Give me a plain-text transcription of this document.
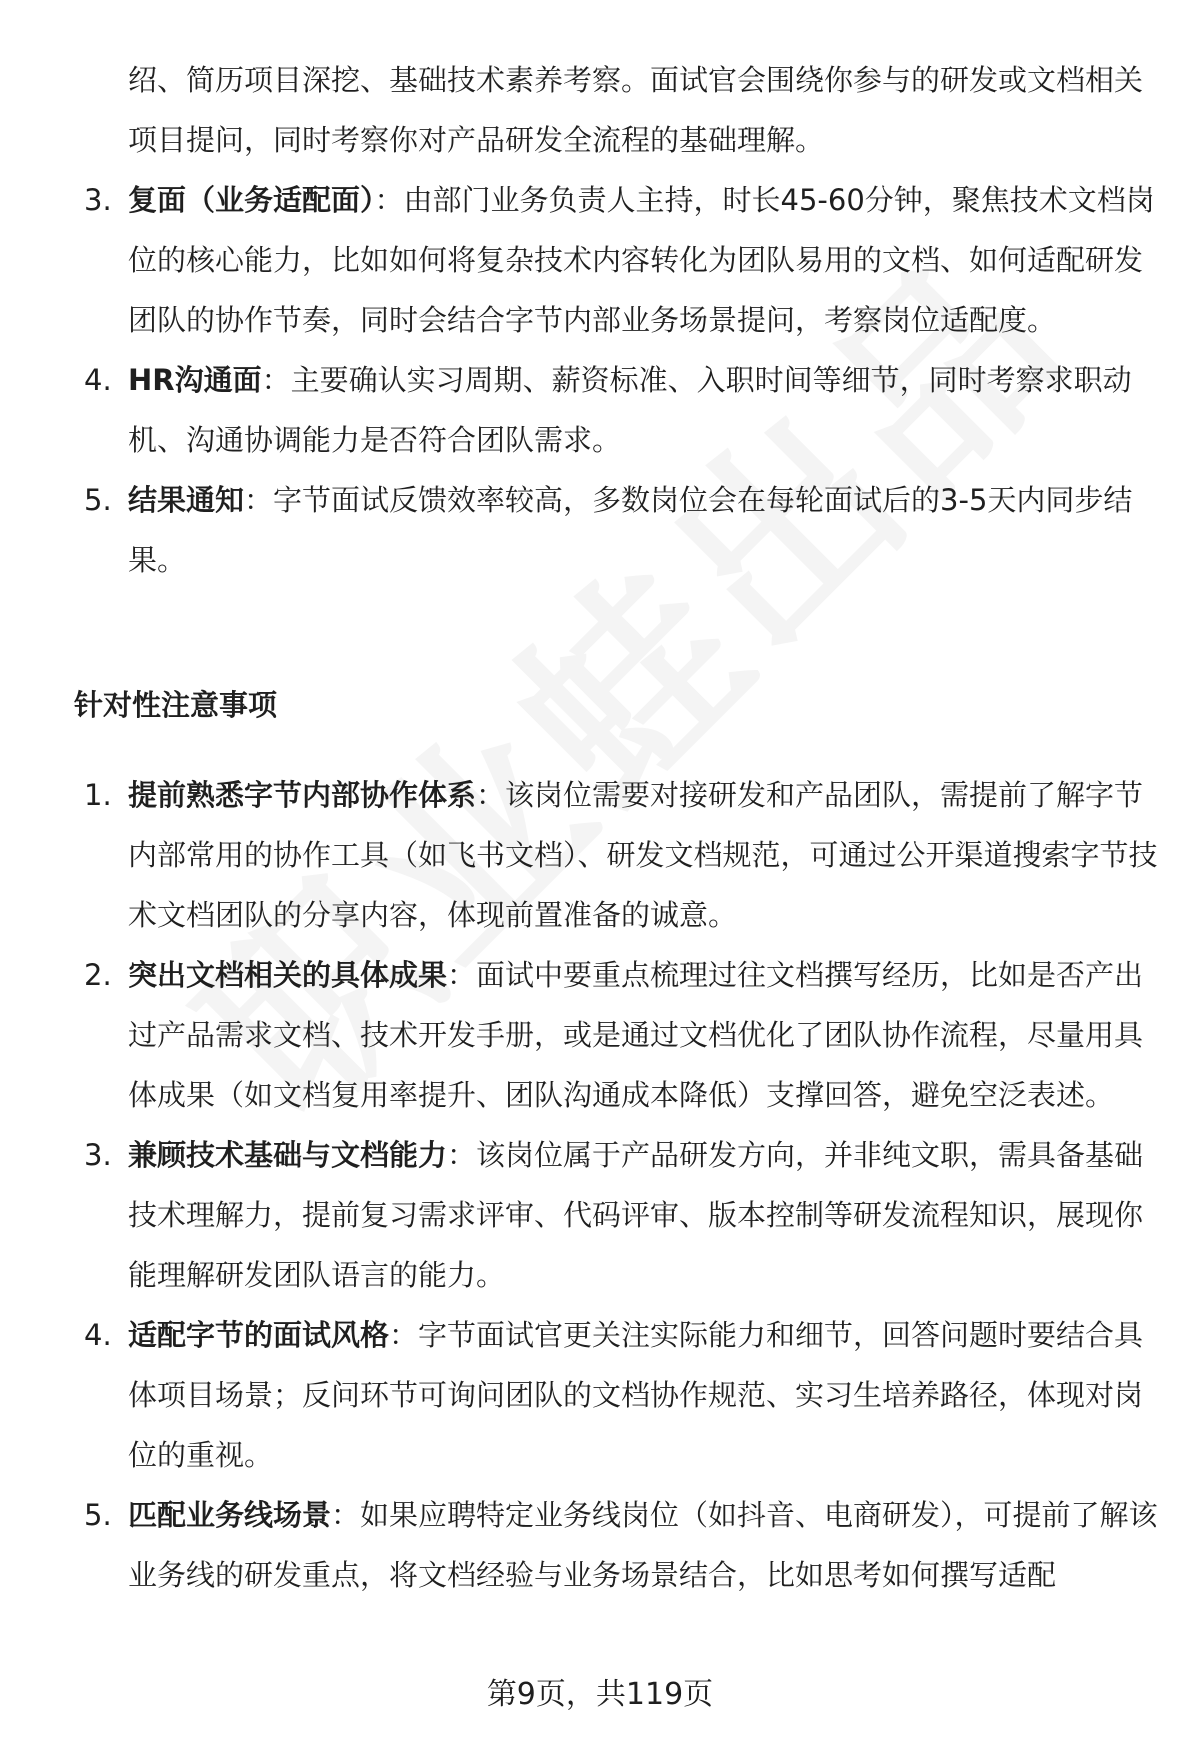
绍、简历项目深挖、基础技术素养考察。面试官会围绕你参与的研发或文档相关项目提问，同时考察你对产品研发全流程的基础理解。
3. 复面（业务适配面）：由部门业务负责人主持，时长45-60分钟，聚焦技术文档岗位的核心能力，比如如何将复杂技术内容转化为团队易用的文档、如何适配研发团队的协作节奏，同时会结合字节内部业务场景提问，考察岗位适配度。
4. HR沟通面：主要确认实习周期、薪资标准、入职时间等细节，同时考察求职动机、沟通协调能力是否符合团队需求。
5. 结果通知：字节面试反馈效率较高，多数岗位会在每轮面试后的3-5天内同步结果。
针对性注意事项
1. 提前熟悉字节内部协作体系：该岗位需要对接研发和产品团队，需提前了解字节内部常用的协作工具（如飞书文档）、研发文档规范，可通过公开渠道搜索字节技术文档团队的分享内容，体现前置准备的诚意。
2. 突出文档相关的具体成果：面试中要重点梳理过往文档撰写经历，比如是否产出过产品需求文档、技术开发手册，或是通过文档优化了团队协作流程，尽量用具体成果（如文档复用率提升、团队沟通成本降低）支撑回答，避免空泛表述。
3. 兼顾技术基础与文档能力：该岗位属于产品研发方向，并非纯文职，需具备基础技术理解力，提前复习需求评审、代码评审、版本控制等研发流程知识，展现你能理解研发团队语言的能力。
4. 适配字节的面试风格：字节面试官更关注实际能力和细节，回答问题时要结合具体项目场景；反问环节可询问团队的文档协作规范、实习生培养路径，体现对岗位的重视。
5. 匹配业务线场景：如果应聘特定业务线岗位（如抖音、电商研发），可提前了解该业务线的研发重点，将文档经验与业务场景结合，比如思考如何撰写适配
第9页，共119页
